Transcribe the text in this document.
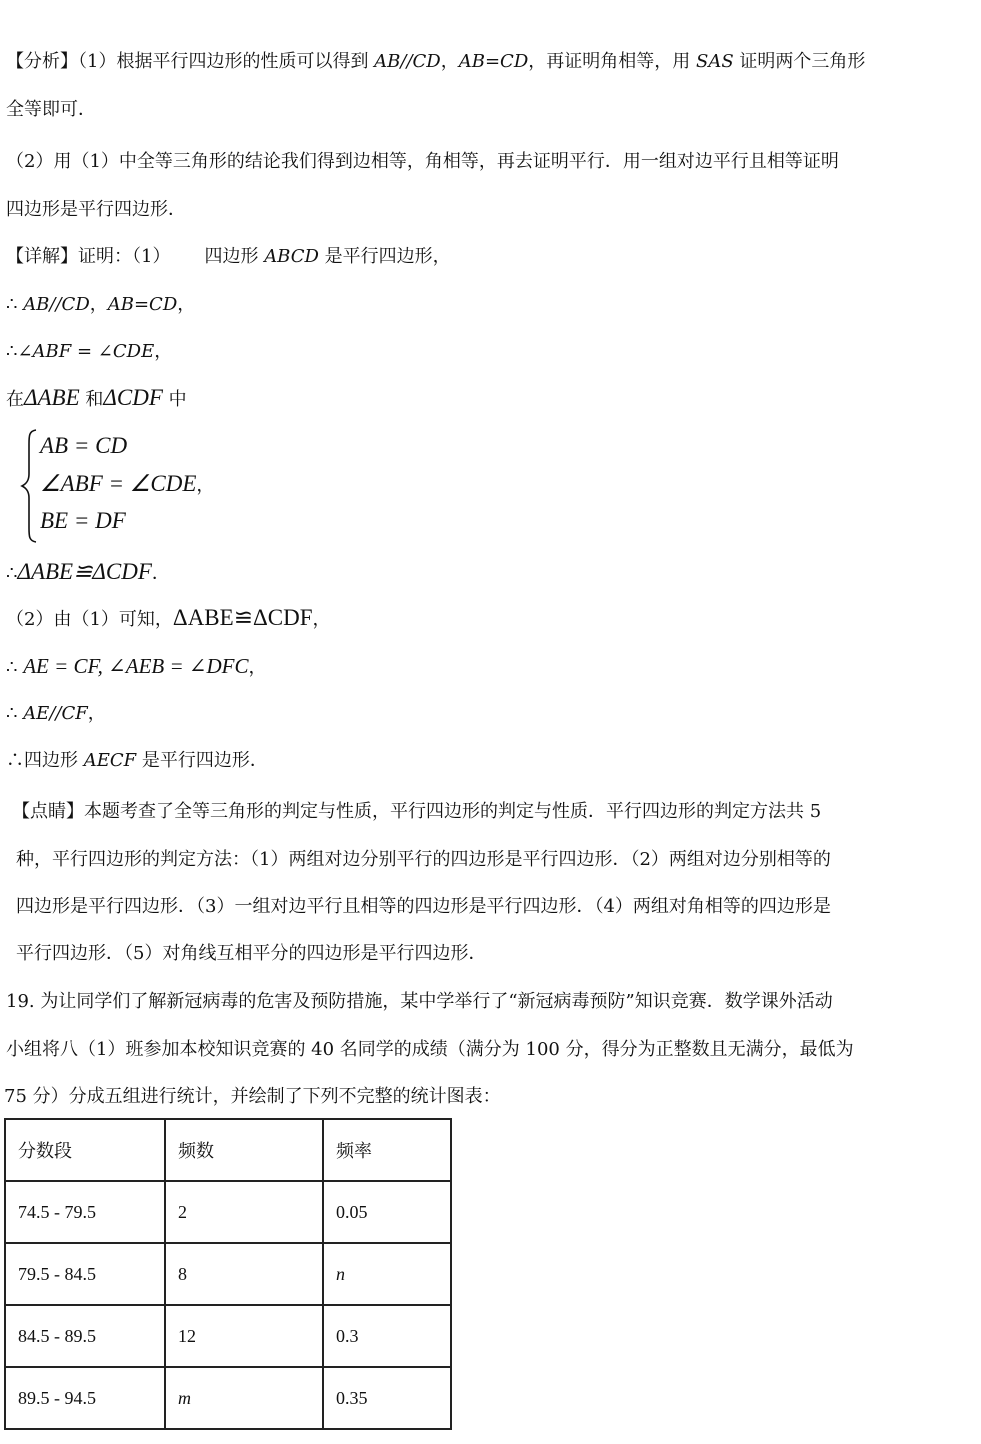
【分析】（1）根据平行四边形的性质可以得到 AB//CD，AB=CD，再证明角相等，用 SAS 证明两个三角形
全等即可．
（2）用（1）中全等三角形的结论我们得到边相等，角相等，再去证明平行．用一组对边平行且相等证明
四边形是平行四边形．
【详解】证明：（1） 四边形 ABCD 是平行四边形，
∴ AB//CD，AB=CD，
∴∠ABF = ∠CDE，
在ΔABE 和ΔCDF 中
AB = CD
∠ABF = ∠CDE，
BE = DF
∴ΔABE≌ΔCDF．
（2）由（1）可知，ΔABE≌ΔCDF，
∴ AE = CF, ∠AEB = ∠DFC，
∴ AE//CF，
∴四边形 AECF 是平行四边形．
【点睛】本题考查了全等三角形的判定与性质，平行四边形的判定与性质．平行四边形的判定方法共 5
种，平行四边形的判定方法：（1）两组对边分别平行的四边形是平行四边形．（2）两组对边分别相等的
四边形是平行四边形．（3）一组对边平行且相等的四边形是平行四边形．（4）两组对角相等的四边形是
平行四边形．（5）对角线互相平分的四边形是平行四边形．
19. 为让同学们了解新冠病毒的危害及预防措施，某中学举行了“新冠病毒预防”知识竞赛．数学课外活动
小组将八（1）班参加本校知识竞赛的 40 名同学的成绩（满分为 100 分，得分为正整数且无满分，最低为
75 分）分成五组进行统计，并绘制了下列不完整的统计图表：
分数段	频数	频率
74.5 - 79.5	2	0.05
79.5 - 84.5	8	n
84.5 - 89.5	12	0.3
89.5 - 94.5	m	0.35
